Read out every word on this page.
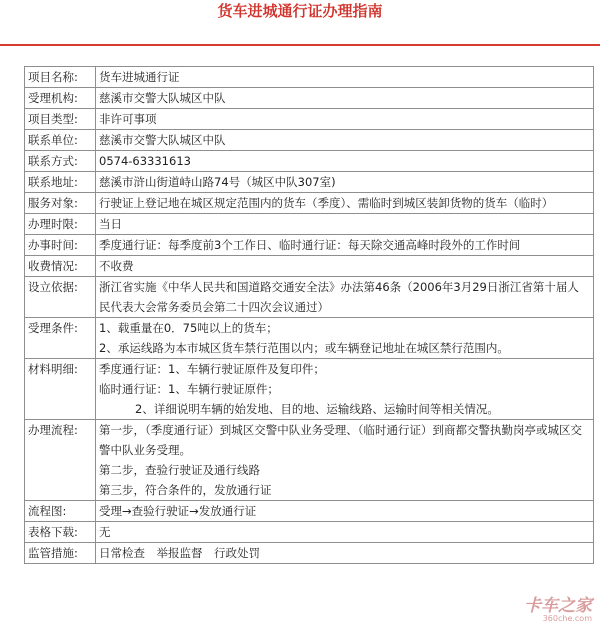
货车进城通行证办理指南
项目名称:	货车进城通行证

受理机构:	慈溪市交警大队城区中队

项目类型:	非许可事项

联系单位:	慈溪市交警大队城区中队

联系方式:	0574-63331613

联系地址:	慈溪市浒山街道峙山路74号（城区中队307室)

服务对象:	行驶证上登记地在城区规定范围内的货车（季度）、需临时到城区装卸货物的货车（临时）

办理时限:	当日

办事时间:	季度通行证：每季度前3个工作日、临时通行证：每天除交通高峰时段外的工作时间

收费情况:	不收费

设立依据:	浙江省实施《中华人民共和国道路交通安全法》办法第46条（2006年3月29日浙江省第十届人民代表大会常务委员会第二十四次会议通过）

受理条件:	1、载重量在0．75吨以上的货车；

2、承运线路为本市城区货车禁行范围以内；或车辆登记地址在城区禁行范围内。

材料明细:	季度通行证：1、车辆行驶证原件及复印件；

临时通行证：1、车辆行驶证原件；

2、详细说明车辆的始发地、目的地、运输线路、运输时间等相关情况。

办理流程:	第一步，（季度通行证）到城区交警中队业务受理、（临时通行证）到商都交警执勤岗亭或城区交警中队业务受理。

第二步，查验行驶证及通行线路

第三步，符合条件的，发放通行证

流程图:	受理→查验行驶证→发放通行证

表格下载:	无

监管措施:	日常检查　举报监督　行政处罚

卡车之家
360che.com
